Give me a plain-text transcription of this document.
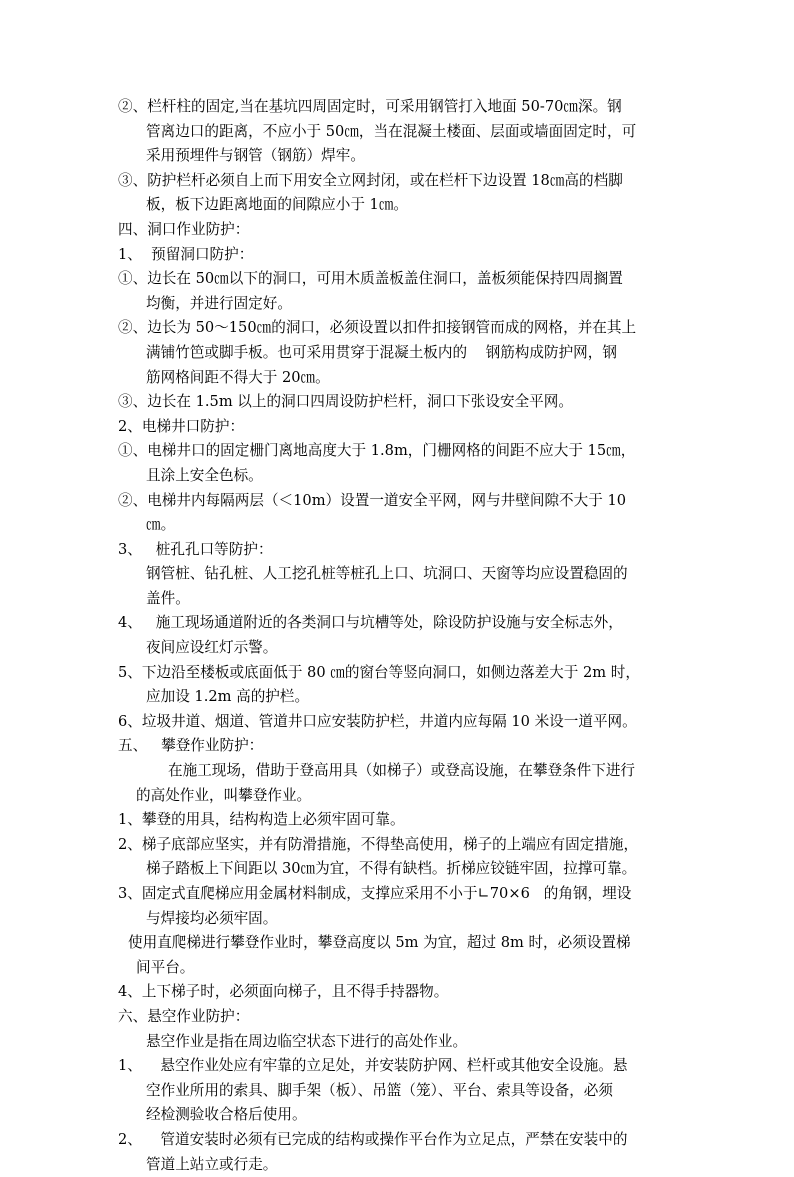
②、栏杆柱的固定,当在基坑四周固定时，可采用钢管打入地面 50-70㎝深。钢
管离边口的距离，不应小于 50㎝，当在混凝土楼面、层面或墙面固定时，可
采用预埋件与钢管（钢筋）焊牢。
③、防护栏杆必须自上而下用安全立网封闭，或在栏杆下边设置 18㎝高的档脚
板，板下边距离地面的间隙应小于 1㎝。
四、洞口作业防护：
1、  预留洞口防护：
①、边长在 50㎝以下的洞口，可用木质盖板盖住洞口，盖板须能保持四周搁置
均衡，并进行固定好。
②、边长为 50～150㎝的洞口，必须设置以扣件扣接钢管而成的网格，并在其上
满铺竹笆或脚手板。也可采用贯穿于混凝土板内的    钢筋构成防护网，钢
筋网格间距不得大于 20㎝。
③、边长在 1.5m 以上的洞口四周设防护栏杆，洞口下张设安全平网。
2、电梯井口防护：
①、电梯井口的固定栅门离地高度大于 1.8m，门栅网格的间距不应大于 15㎝，
且涂上安全色标。
②、电梯井内每隔两层（＜10m）设置一道安全平网，网与井壁间隙不大于 10
㎝。
3、   桩孔孔口等防护：
钢管桩、钻孔桩、人工挖孔桩等桩孔上口、坑洞口、天窗等均应设置稳固的
盖件。
4、   施工现场通道附近的各类洞口与坑槽等处，除设防护设施与安全标志外，
夜间应设红灯示警。
5、下边沿至楼板或底面低于 80 ㎝的窗台等竖向洞口，如侧边落差大于 2m 时，
应加设 1.2m 高的护栏。
6、垃圾井道、烟道、管道井口应安装防护栏，井道内应每隔 10 米设一道平网。
五、   攀登作业防护：
在施工现场，借助于登高用具（如梯子）或登高设施，在攀登条件下进行
的高处作业，叫攀登作业。
1、攀登的用具，结构构造上必须牢固可靠。
2、梯子底部应坚实，并有防滑措施，不得垫高使用，梯子的上端应有固定措施，
梯子踏板上下间距以 30㎝为宜，不得有缺档。折梯应铰链牢固，拉撑可靠。
3、固定式直爬梯应用金属材料制成，支撑应采用不小于∟70×6   的角钢，埋设
与焊接均必须牢固。
使用直爬梯进行攀登作业时，攀登高度以 5m 为宜，超过 8m 时，必须设置梯
间平台。
4、上下梯子时，必须面向梯子，且不得手持器物。
六、悬空作业防护：
悬空作业是指在周边临空状态下进行的高处作业。
1、    悬空作业处应有牢靠的立足处，并安装防护网、栏杆或其他安全设施。悬
空作业所用的索具、脚手架（板）、吊篮（笼）、平台、索具等设备，必须
经检测验收合格后使用。
2、    管道安装时必须有已完成的结构或操作平台作为立足点，严禁在安装中的
管道上站立或行走。
